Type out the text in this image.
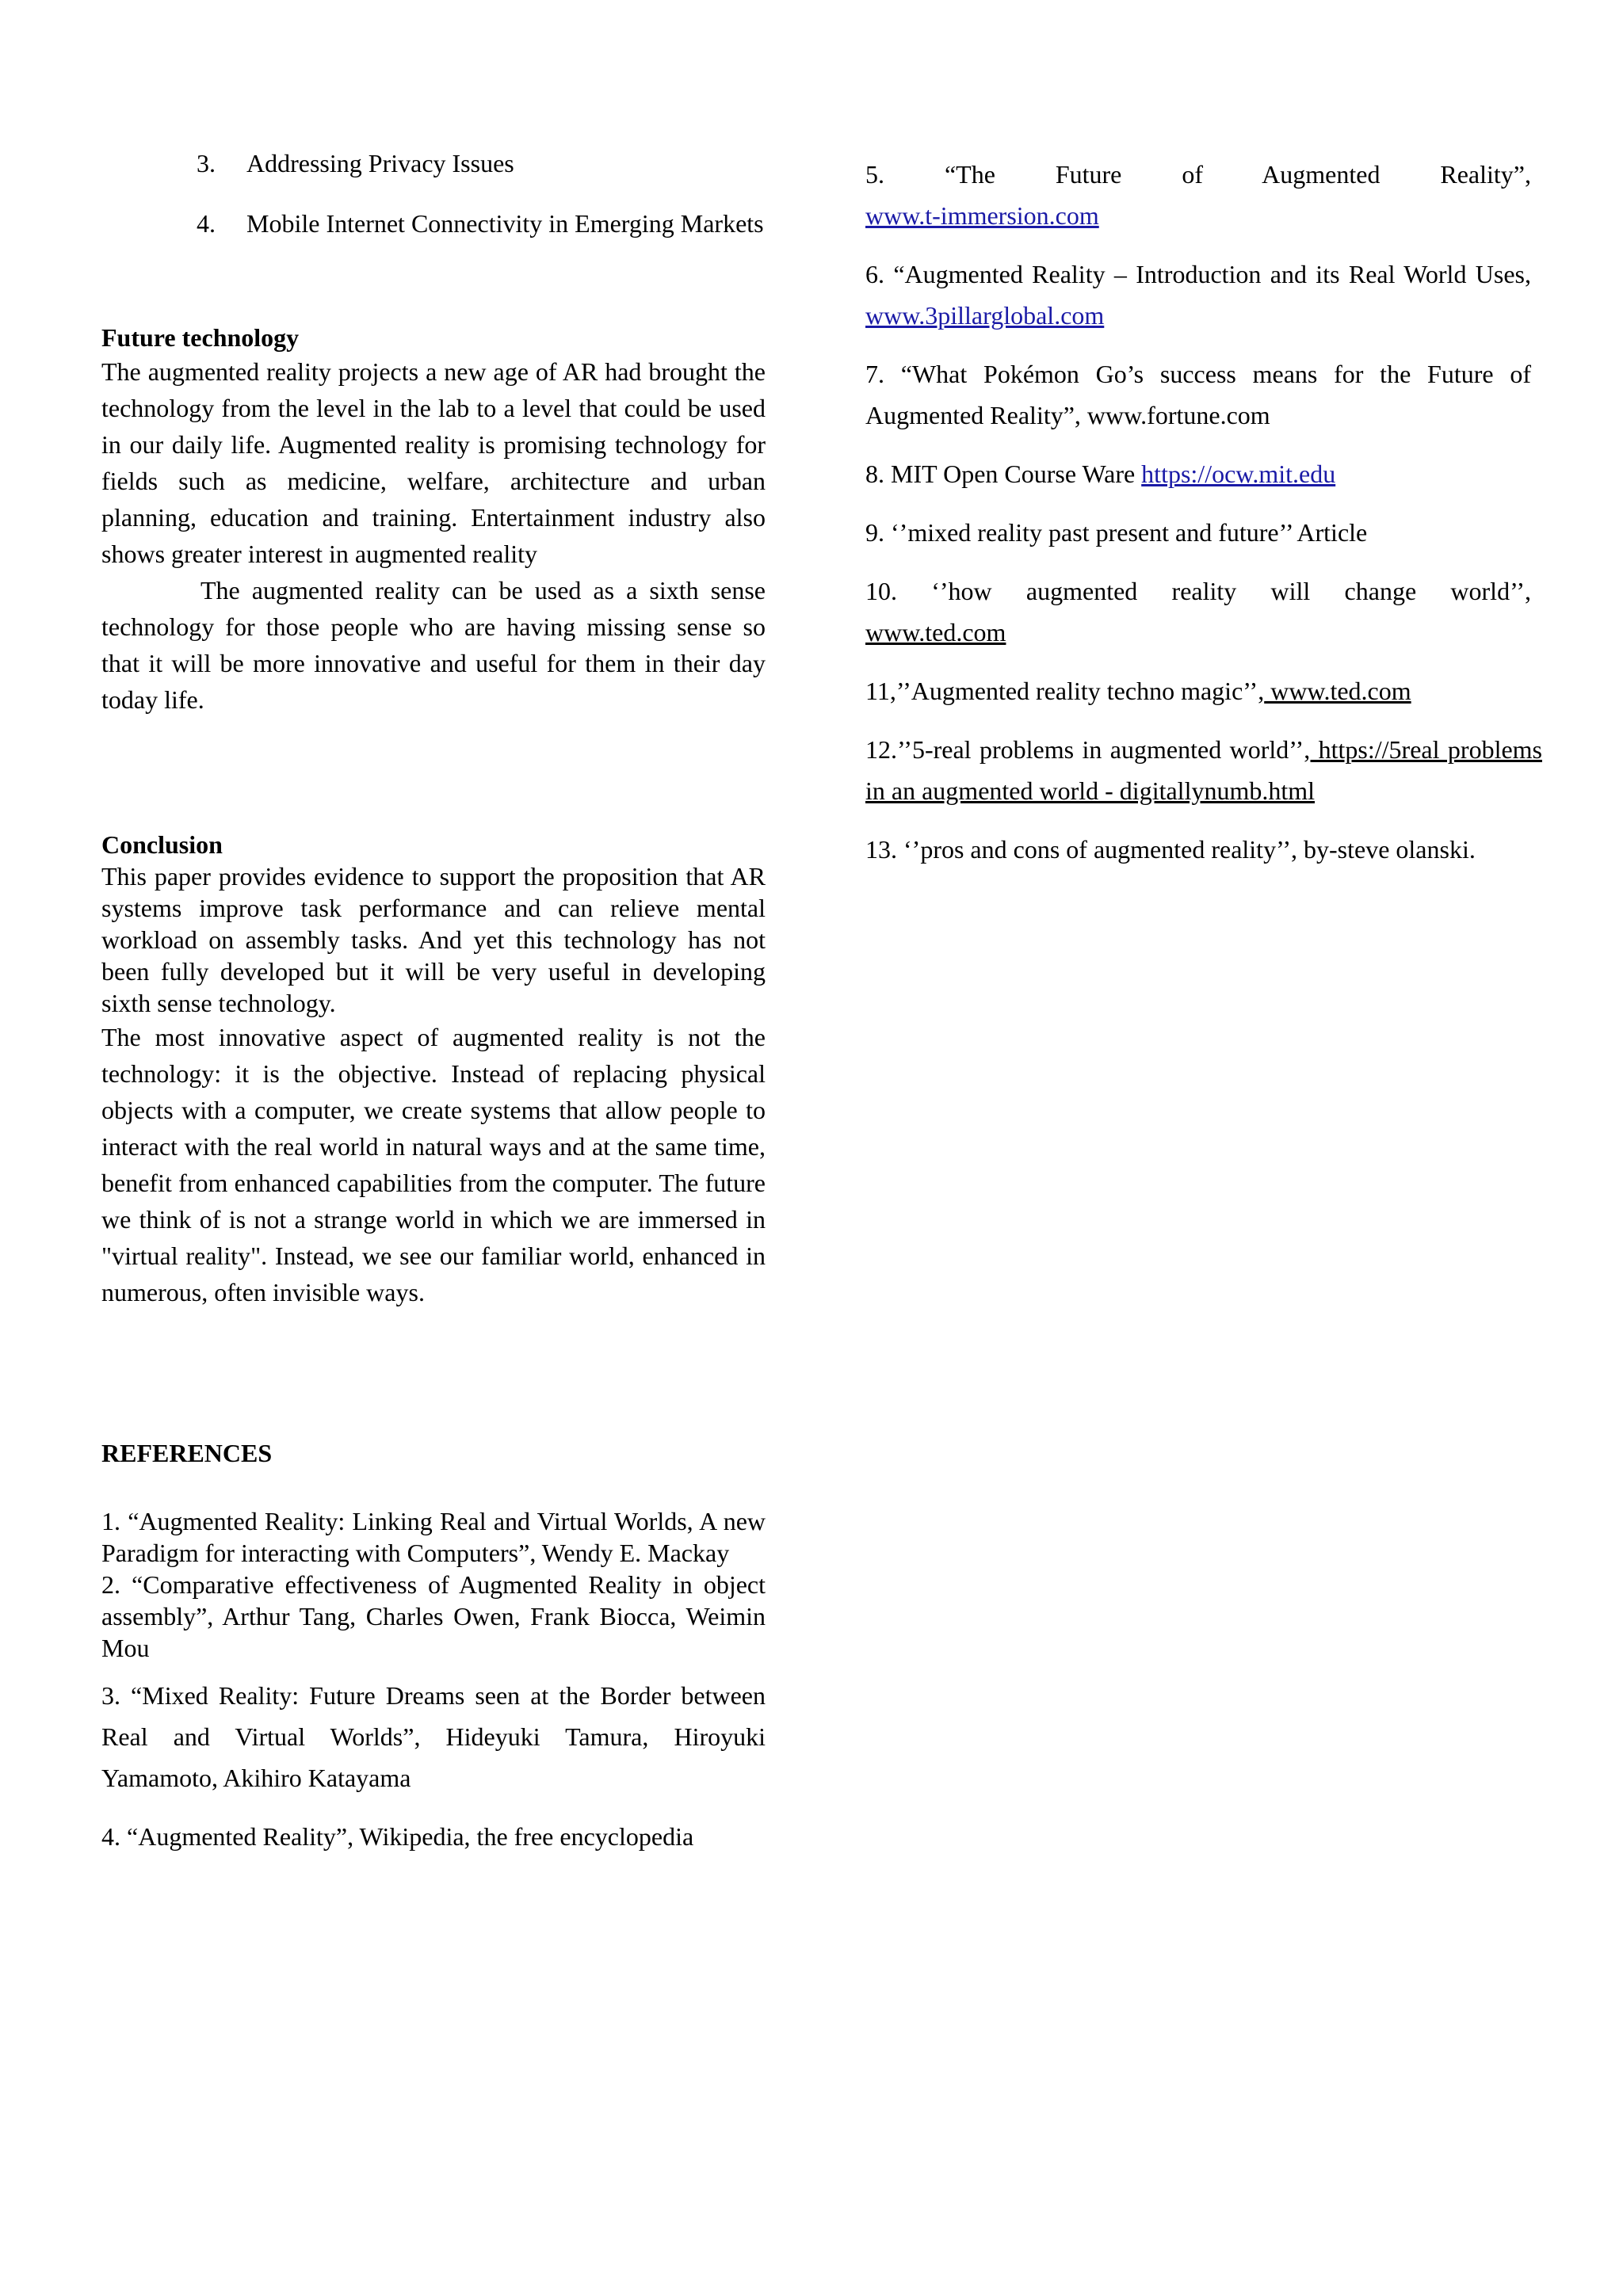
3. Addressing Privacy Issues
4. Mobile Internet Connectivity in Emerging Markets
Future technology

The augmented reality projects a new age of AR had brought the technology from the level in the lab to a level that could be used in our daily life. Augmented reality is promising technology for fields such as medicine, welfare, architecture and urban planning, education and training. Entertainment industry also shows greater interest in augmented reality

The augmented reality can be used as a sixth sense technology for those people who are having missing sense so that it will be more innovative and useful for them in their day today life.

Conclusion

This paper provides evidence to support the proposition that AR systems improve task performance and can relieve mental workload on assembly tasks. And yet this technology has not been fully developed but it will be very useful in developing sixth sense technology.

The most innovative aspect of augmented reality is not the technology: it is the objective. Instead of replacing physical objects with a computer, we create systems that allow people to interact with the real world in natural ways and at the same time, benefit from enhanced capabilities from the computer. The future we think of is not a strange world in which we are immersed in "virtual reality". Instead, we see our familiar world, enhanced in numerous, often invisible ways.

REFERENCES

1. “Augmented Reality: Linking Real and Virtual Worlds, A new Paradigm for interacting with Computers”, Wendy E. Mackay

2. “Comparative effectiveness of Augmented Reality in object assembly”, Arthur Tang, Charles Owen, Frank Biocca, Weimin Mou

3. “Mixed Reality: Future Dreams seen at the Border between Real and Virtual Worlds”, Hideyuki Tamura, Hiroyuki Yamamoto, Akihiro Katayama

4. “Augmented Reality”, Wikipedia, the free encyclopedia

5. “The Future of Augmented Reality”,

www.t-immersion.com

6. “Augmented Reality – Introduction and its Real World Uses, www.3pillarglobal.com

7. “What Pokémon Go’s success means for the Future of Augmented Reality”, www.fortune.com

8. MIT Open Course Ware https://ocw.mit.edu

9. ‘’mixed reality past present and future’’ Article

10. ‘’how augmented reality will change world’’,

www.ted.com

11,’’Augmented reality techno magic’’, www.ted.com

12.’’5-real problems in augmented world’’, https://5real problems in an augmented world - digitallynumb.html

13. ‘’pros and cons of augmented reality’’, by-steve olanski.
